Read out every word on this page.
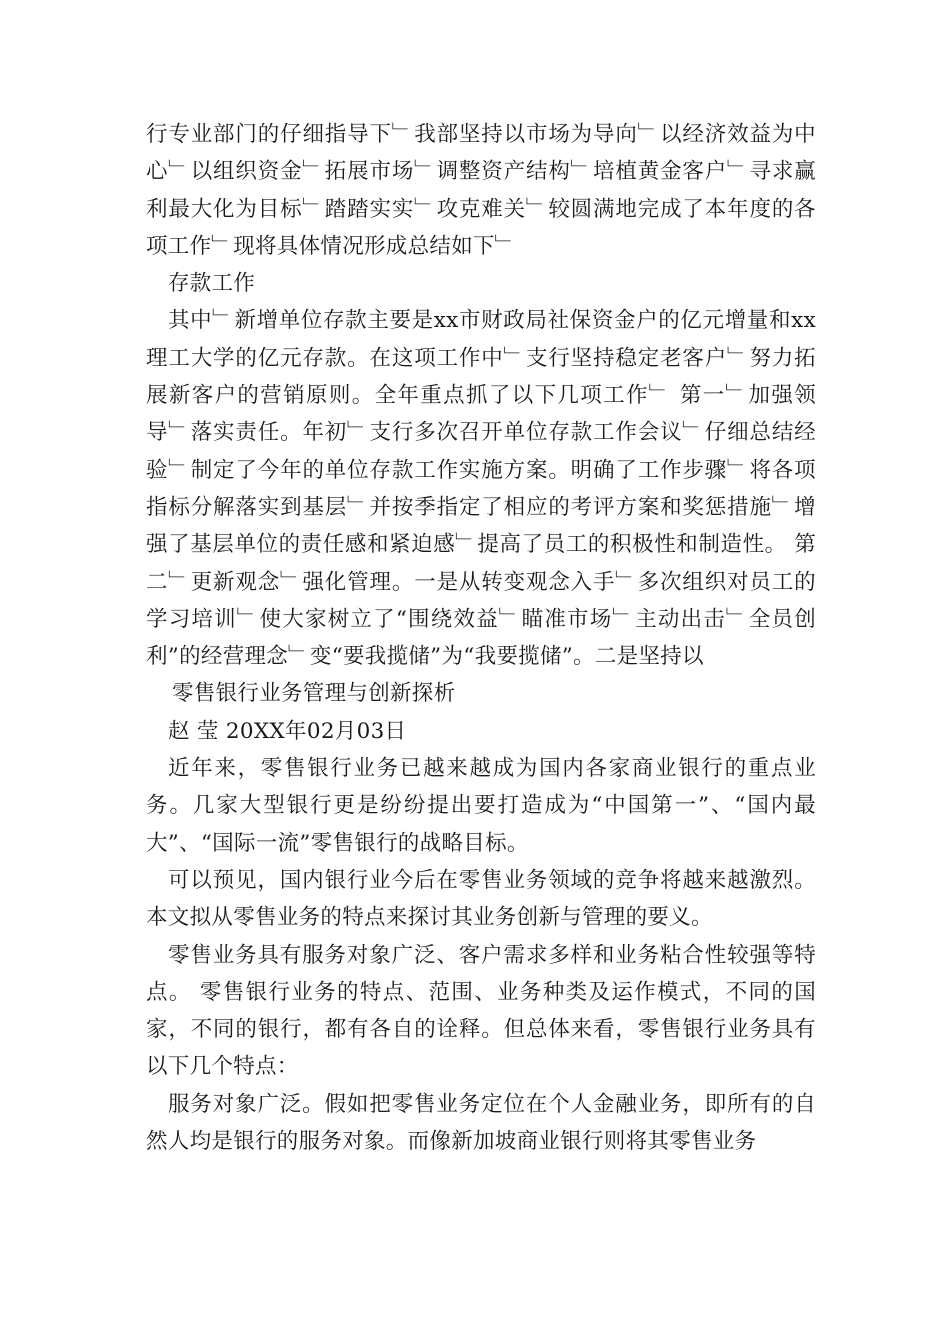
行专业部门的仔细指导下﹂我部坚持以市场为导向﹂以经济效益为中心﹂以组织资金﹂拓展市场﹂调整资产结构﹂培植黄金客户﹂寻求赢利最大化为目标﹂踏踏实实﹂攻克难关﹂较圆满地完成了本年度的各项工作﹂现将具体情况形成总结如下﹂

存款工作

其中﹂新增单位存款主要是xx市财政局社保资金户的亿元增量和xx理工大学的亿元存款。在这项工作中﹂支行坚持稳定老客户﹂努力拓展新客户的营销原则。全年重点抓了以下几项工作﹂ 第一﹂加强领导﹂落实责任。年初﹂支行多次召开单位存款工作会议﹂仔细总结经验﹂制定了今年的单位存款工作实施方案。明确了工作步骤﹂将各项指标分解落实到基层﹂并按季指定了相应的考评方案和奖惩措施﹂增强了基层单位的责任感和紧迫感﹂提高了员工的积极性和制造性。 第二﹂更新观念﹂强化管理。一是从转变观念入手﹂多次组织对员工的学习培训﹂使大家树立了“围绕效益﹂瞄准市场﹂主动出击﹂全员创利”的经营理念﹂变“要我揽储”为“我要揽储”。二是坚持以

零售银行业务管理与创新探析

赵 莹 20XX年02月03日

近年来，零售银行业务已越来越成为国内各家商业银行的重点业务。几家大型银行更是纷纷提出要打造成为“中国第一”、“国内最大”、“国际一流”零售银行的战略目标。

可以预见，国内银行业今后在零售业务领域的竞争将越来越激烈。本文拟从零售业务的特点来探讨其业务创新与管理的要义。

零售业务具有服务对象广泛、客户需求多样和业务粘合性较强等特点。 零售银行业务的特点、范围、业务种类及运作模式，不同的国家，不同的银行，都有各自的诠释。但总体来看，零售银行业务具有以下几个特点：

服务对象广泛。假如把零售业务定位在个人金融业务，即所有的自然人均是银行的服务对象。而像新加坡商业银行则将其零售业务
